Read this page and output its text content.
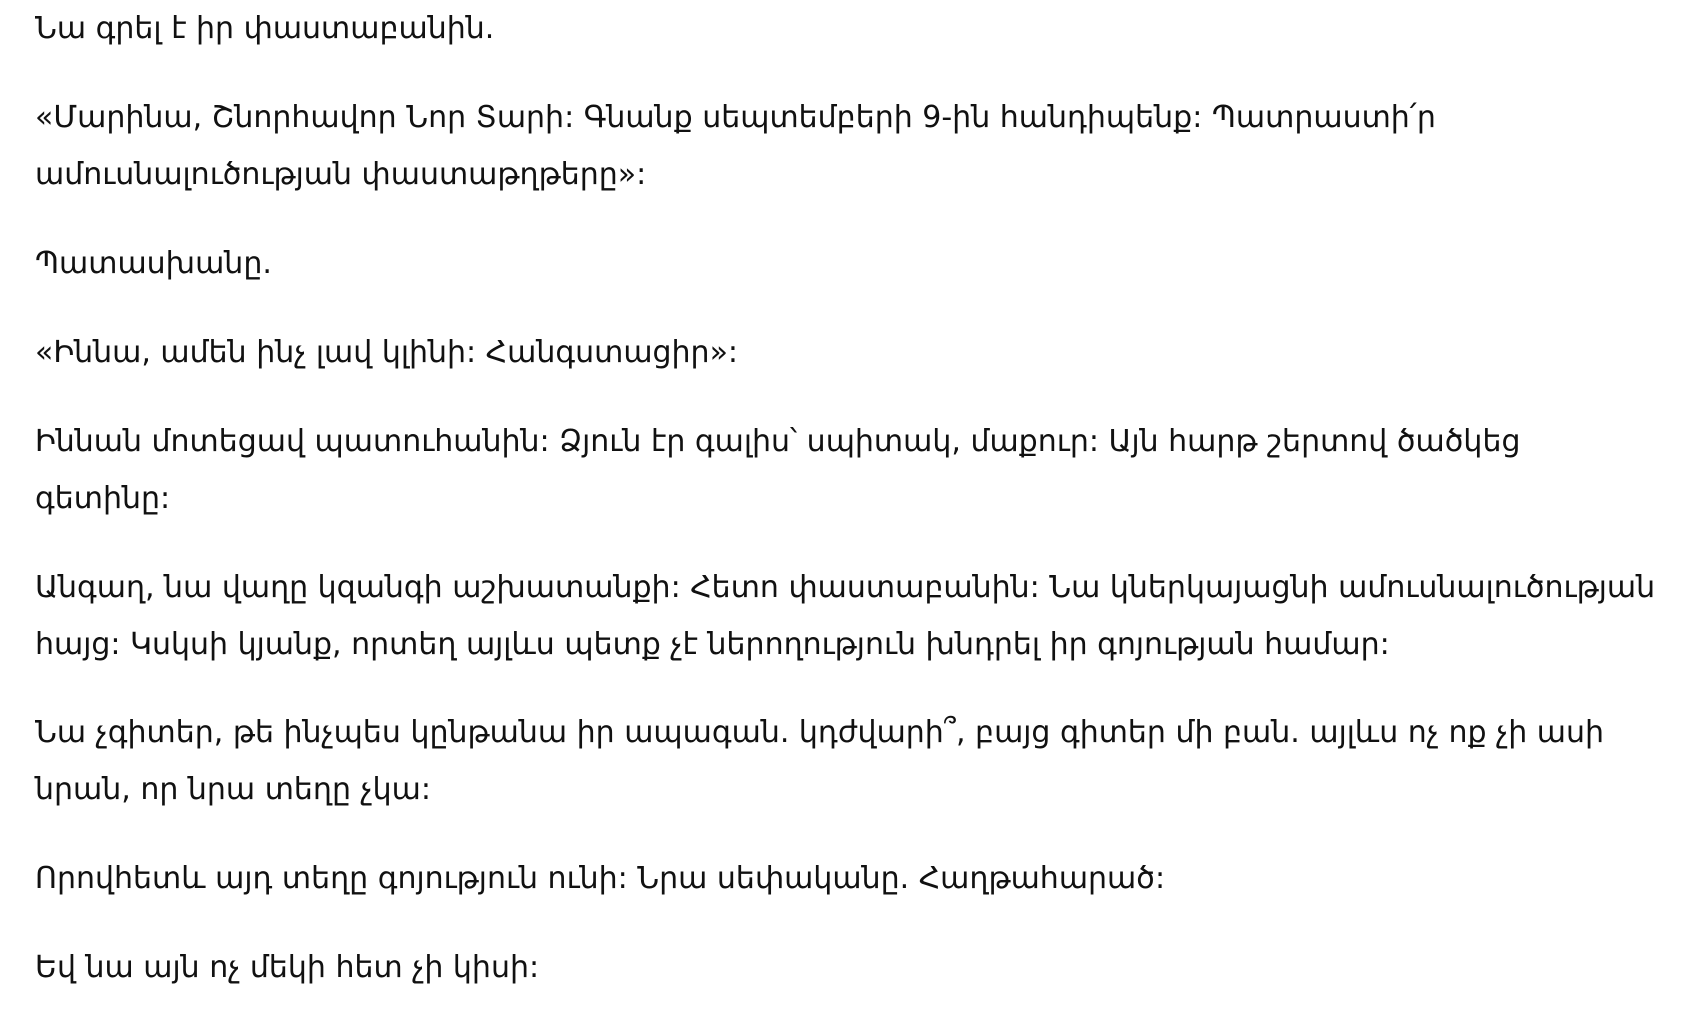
Նա գրել է իր փաստաբանին.

«Մարինա, Շնորհավոր Նոր Տարի: Գնանք սեպտեմբերի 9-ին հանդիպենք: Պատրաստի՛ր
ամուսնալուծության փաստաթղթերը»:

Պատասխանը.

«Իննա, ամեն ինչ լավ կլինի: Հանգստացիր»:

Իննան մոտեցավ պատուհանին: Ձյուն էր գալիս՝ սպիտակ, մաքուր: Այն հարթ շերտով ծածկեց
գետինը:

Անգաղ, նա վաղը կզանգի աշխատանքի: Հետո փաստաբանին: Նա կներկայացնի ամուսնալուծության
հայց: Կսկսի կյանք, որտեղ այլևս պետք չէ ներողություն խնդրել իր գոյության համար:

Նա չգիտեր, թե ինչպես կընթանա իր ապագան. կդժվարի՞, բայց գիտեր մի բան. այլևս ոչ ոք չի ասի
նրան, որ նրա տեղը չկա:

Որովհետև այդ տեղը գոյություն ունի: Նրա սեփականը. Հաղթահարած:

Եվ նա այն ոչ մեկի հետ չի կիսի:
